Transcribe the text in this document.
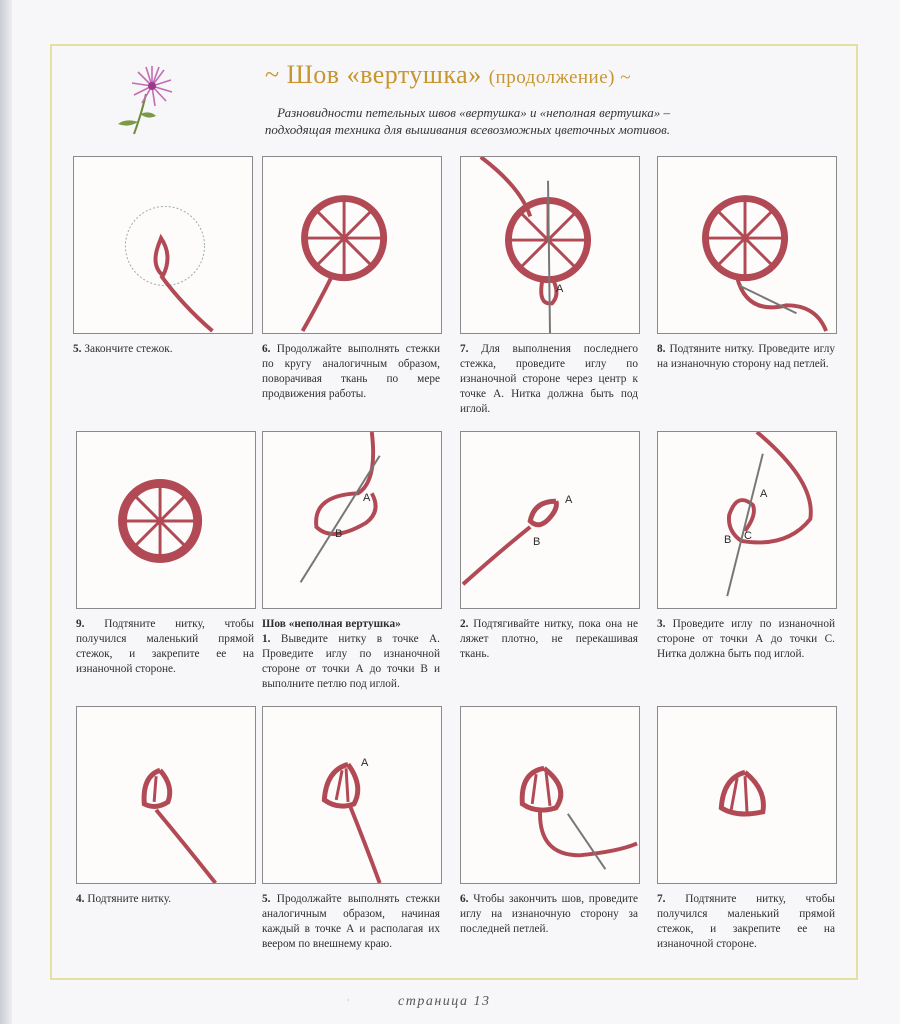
~ Шов «вертушка» (продолжение) ~
Разновидности петельных швов «вертушка» и «неполная вертушка» –
подходящая техника для вышивания всевозможных цветочных мотивов.
A
5. Закончите стежок.	6. Продолжайте выполнять стежки по кругу аналогичным образом, поворачивая ткань по мере продвижения работы.
7. Для выполнения последнего стежка, проведите иглу по изнаночной стороне через центр к точке А. Нитка должна быть под иглой.
8. Подтяните нитку. Проведите иглу на изнаночную сторону над петлей.
A
B
A
B
A
B C
9. Подтяните нитку, чтобы получился маленький прямой стежок, и закрепите ее на изнаночной стороне.
Шов «неполная вертушка»
1. Выведите нитку в точке А. Проведите иглу по изнаночной стороне от точки А до точки В и выполните петлю под иглой.
2. Подтягивайте нитку, пока она не ляжет плотно, не перекашивая ткань.
3. Проведите иглу по изнаночной стороне от точки А до точки С. Нитка должна быть под иглой.
A
4. Подтяните нитку.	5. Продолжайте выполнять стежки аналогичным образом, начиная каждый в точке А и располагая их веером по внешнему краю.
6. Чтобы закончить шов, проведите иглу на изнаночную сторону за последней петлей.
7. Подтяните нитку, чтобы получился маленький прямой стежок, и закрепите ее на изнаночной стороне.
·	страница 13
